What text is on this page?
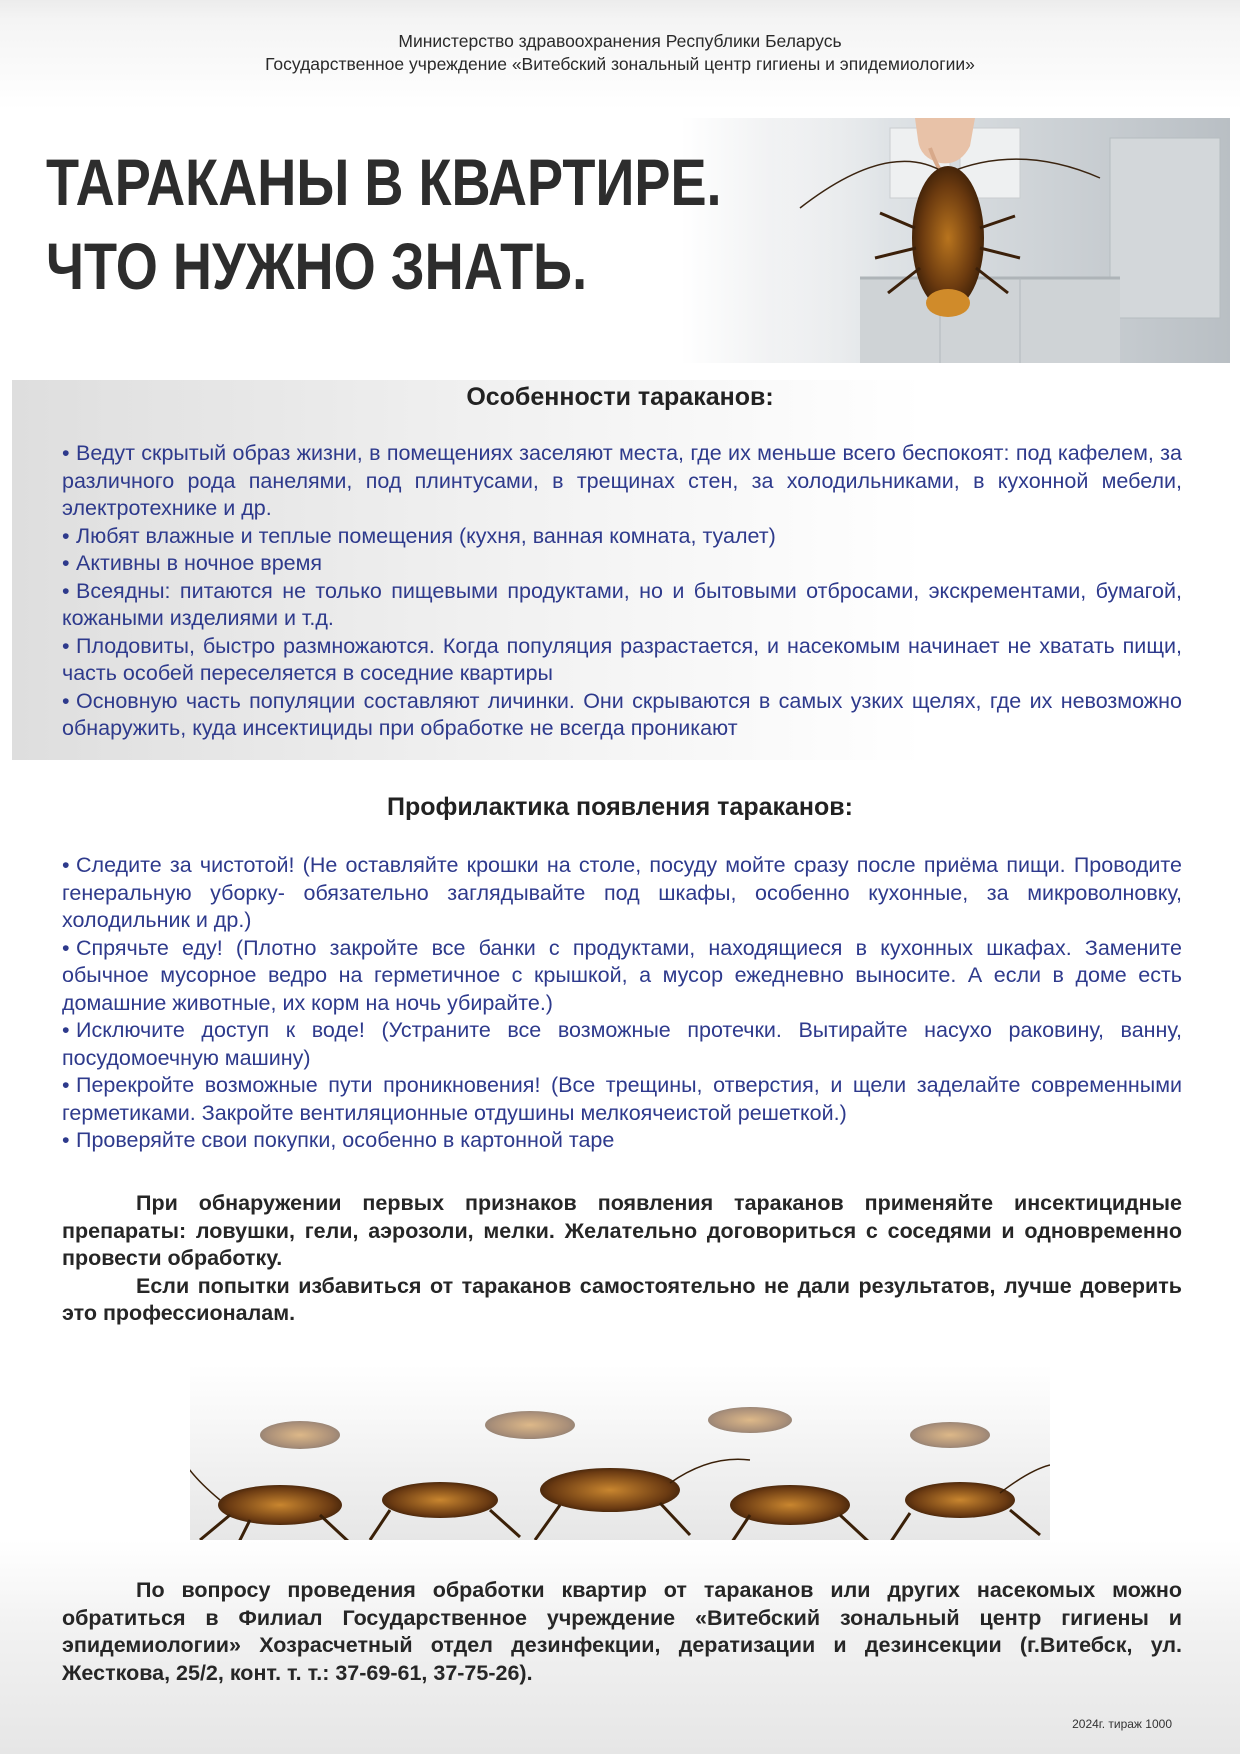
Министерство здравоохранения Республики Беларусь
Государственное учреждение «Витебский зональный центр гигиены и эпидемиологии»
ТАРАКАНЫ В КВАРТИРЕ.
ЧТО НУЖНО ЗНАТЬ.
Особенности тараканов:

• Ведут скрытый образ жизни, в помещениях заселяют места, где их меньше всего беспокоят: под кафелем, за различного рода панелями, под плинтусами, в трещинах стен, за холодильниками, в кухонной мебели, электротехнике и др.

• Любят влажные и теплые помещения (кухня, ванная комната, туалет)

• Активны в ночное время

• Всеядны: питаются не только пищевыми продуктами, но и бытовыми отбросами, экскрементами, бумагой, кожаными изделиями и т.д.

• Плодовиты, быстро размножаются. Когда популяция разрастается, и насекомым начинает не хватать пищи, часть особей переселяется в соседние квартиры

• Основную часть популяции составляют личинки. Они скрываются в самых узких щелях, где их невозможно обнаружить, куда инсектициды при обработке не всегда проникают

Профилактика появления тараканов:

• Следите за чистотой! (Не оставляйте крошки на столе, посуду мойте сразу после приёма пищи. Проводите генеральную уборку- обязательно заглядывайте под шкафы, особенно кухонные, за микроволновку, холодильник и др.)

• Спрячьте еду! (Плотно закройте все банки с продуктами, находящиеся в кухонных шкафах. Замените обычное мусорное ведро на герметичное с крышкой, а мусор ежедневно выносите. А если в доме есть домашние животные, их корм на ночь убирайте.)

• Исключите доступ к воде! (Устраните все возможные протечки. Вытирайте насухо раковину, ванну, посудомоечную машину)

• Перекройте возможные пути проникновения! (Все трещины, отверстия, и щели заделайте современными герметиками. Закройте вентиляционные отдушины мелкоячеистой решеткой.)

• Проверяйте свои покупки, особенно в картонной таре

При обнаружении первых признаков появления тараканов применяйте инсектицидные препараты: ловушки, гели, аэрозоли, мелки. Желательно договориться с соседями и одновременно провести обработку.

Если попытки избавиться от тараканов самостоятельно не дали результатов, лучше доверить это профессионалам.

По вопросу проведения обработки квартир от тараканов или других насекомых можно обратиться в Филиал Государственное учреждение «Витебский зональный центр гигиены и эпидемиологии» Хозрасчетный отдел дезинфекции, дератизации и дезинсекции (г.Витебск, ул. Жесткова, 25/2, конт. т. т.: 37-69-61, 37-75-26).

2024г. тираж 1000
